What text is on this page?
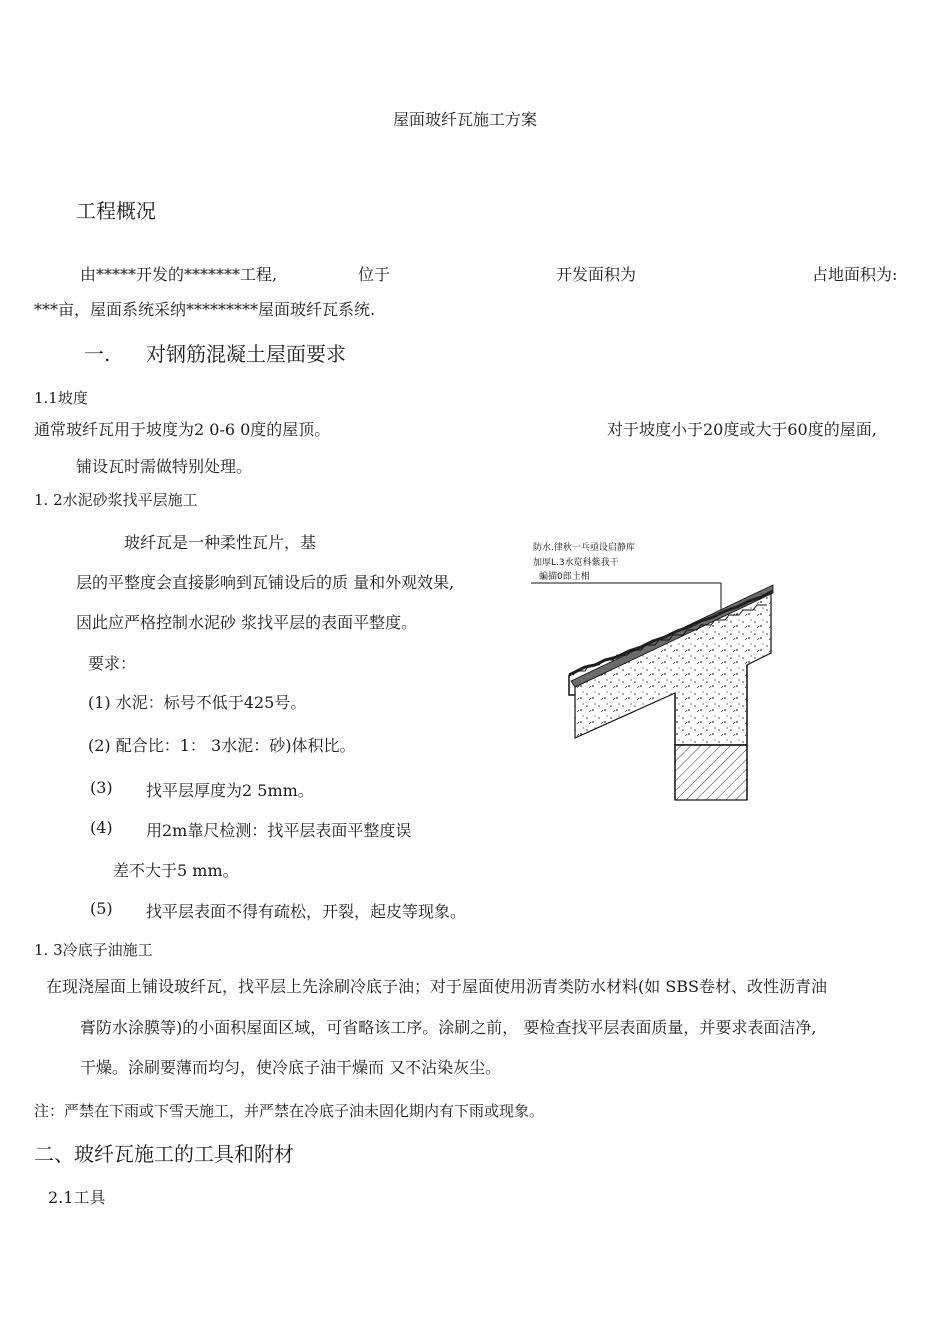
屋面玻纤瓦施工方案
工程概况

由*****开发的*******工程,	位于	开发面积为	占地面积为:

***亩，屋面系统采纳*********屋面玻纤瓦系统.

一. 对钢筋混凝土屋面要求
1.1坡度

通常玻纤瓦用于坡度为2 0-6 0度的屋顶。	对于坡度小于20度或大于60度的屋面,

铺设瓦时需做特别处理。

1. 2水泥砂浆找平层施工

玻纤瓦是一种柔性瓦片，基

层的平整度会直接影响到瓦铺设后的质 量和外观效果,

因此应严格控制水泥砂 浆找平层的表面平整度。

要求：

(1) 水泥：标号不低于425号。

(2) 配合比：1： 3水泥：砂)体积比。

(3) 找平层厚度为2 5mm。

(4) 用2m靠尺检测：找平层表面平整度误

差不大于5 mm。

(5) 找平层表面不得有疏松，开裂，起皮等现象。

1. 3冷底子油施工

在现浇屋面上铺设玻纤瓦，找平层上先涂刷冷底子油；对于屋面使用沥青类防水材料(如 SBS卷材、改性沥青油

膏防水涂膜等)的小面积屋面区域，可省略该工序。涂刷之前， 要检查找平层表面质量，并要求表面洁净,

干燥。涂刷要薄而均匀，使冷底子油干燥而 又不沾染灰尘。

注：严禁在下雨或下雪天施工，并严禁在冷底子油未固化期内有下雨或现象。

二、玻纤瓦施工的工具和附材
2.1工具
防水.律秋一乓亟设启静库
加厚L.3水览科紫我干
蝙描0郎土相
